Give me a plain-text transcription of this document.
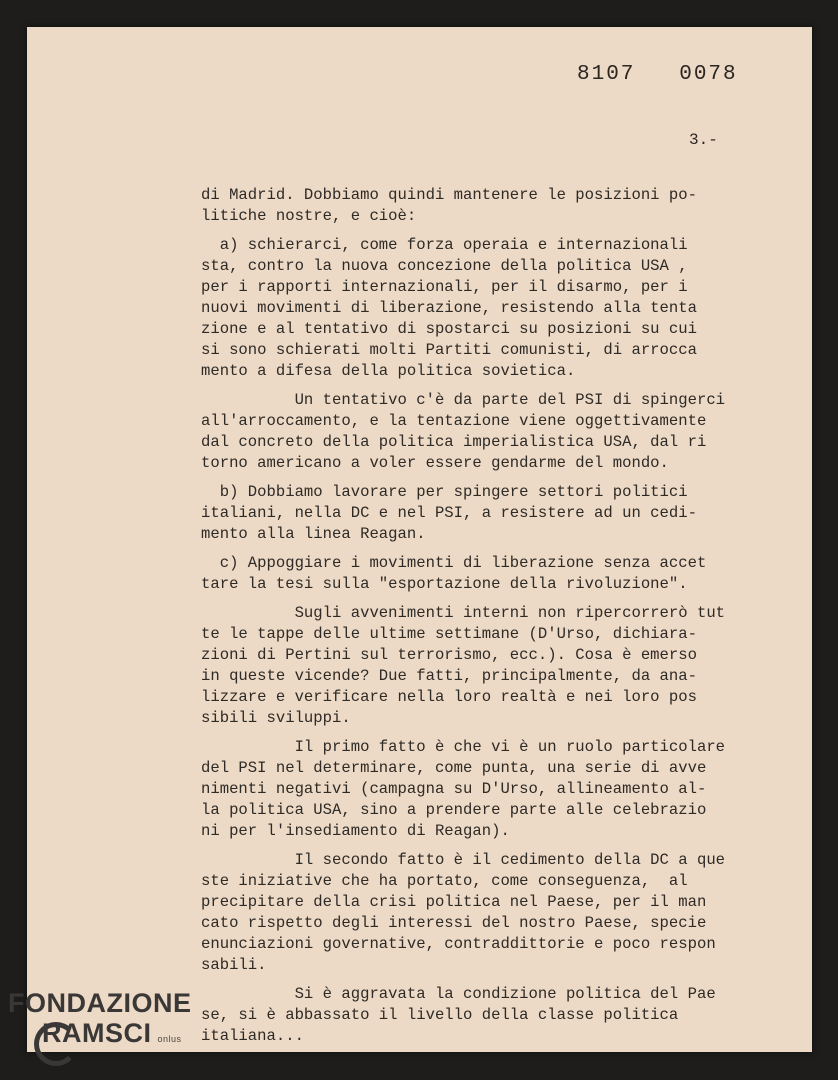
8107   0078
3.-
di Madrid. Dobbiamo quindi mantenere le posizioni po-
litiche nostre, e cioè:
a) schierarci, come forza operaia e internazionali
sta, contro la nuova concezione della politica USA ,
per i rapporti internazionali, per il disarmo, per i
nuovi movimenti di liberazione, resistendo alla tenta
zione e al tentativo di spostarci su posizioni su cui
si sono schierati molti Partiti comunisti, di arrocca
mento a difesa della politica sovietica.
Un tentativo c'è da parte del PSI di spingerci
all'arroccamento, e la tentazione viene oggettivamente
dal concreto della politica imperialistica USA, dal ri
torno americano a voler essere gendarme del mondo.
b) Dobbiamo lavorare per spingere settori politici
italiani, nella DC e nel PSI, a resistere ad un cedi-
mento alla linea Reagan.
c) Appoggiare i movimenti di liberazione senza accet
tare la tesi sulla "esportazione della rivoluzione".
Sugli avvenimenti interni non ripercorrerò tut
te le tappe delle ultime settimane (D'Urso, dichiara-
zioni di Pertini sul terrorismo, ecc.). Cosa è emerso
in queste vicende? Due fatti, principalmente, da ana-
lizzare e verificare nella loro realtà e nei loro pos
sibili sviluppi.
Il primo fatto è che vi è un ruolo particolare
del PSI nel determinare, come punta, una serie di avve
nimenti negativi (campagna su D'Urso, allineamento al-
la politica USA, sino a prendere parte alle celebrazio
ni per l'insediamento di Reagan).
Il secondo fatto è il cedimento della DC a que
ste iniziative che ha portato, come conseguenza,  al
precipitare della crisi politica nel Paese, per il man
cato rispetto degli interessi del nostro Paese, specie
enunciazioni governative, contraddittorie e poco respon
sabili.
Si è aggravata la condizione politica del Pae
se, si è abbassato il livello della classe politica
italiana...
FONDAZIONE
RAMSCI onlus
